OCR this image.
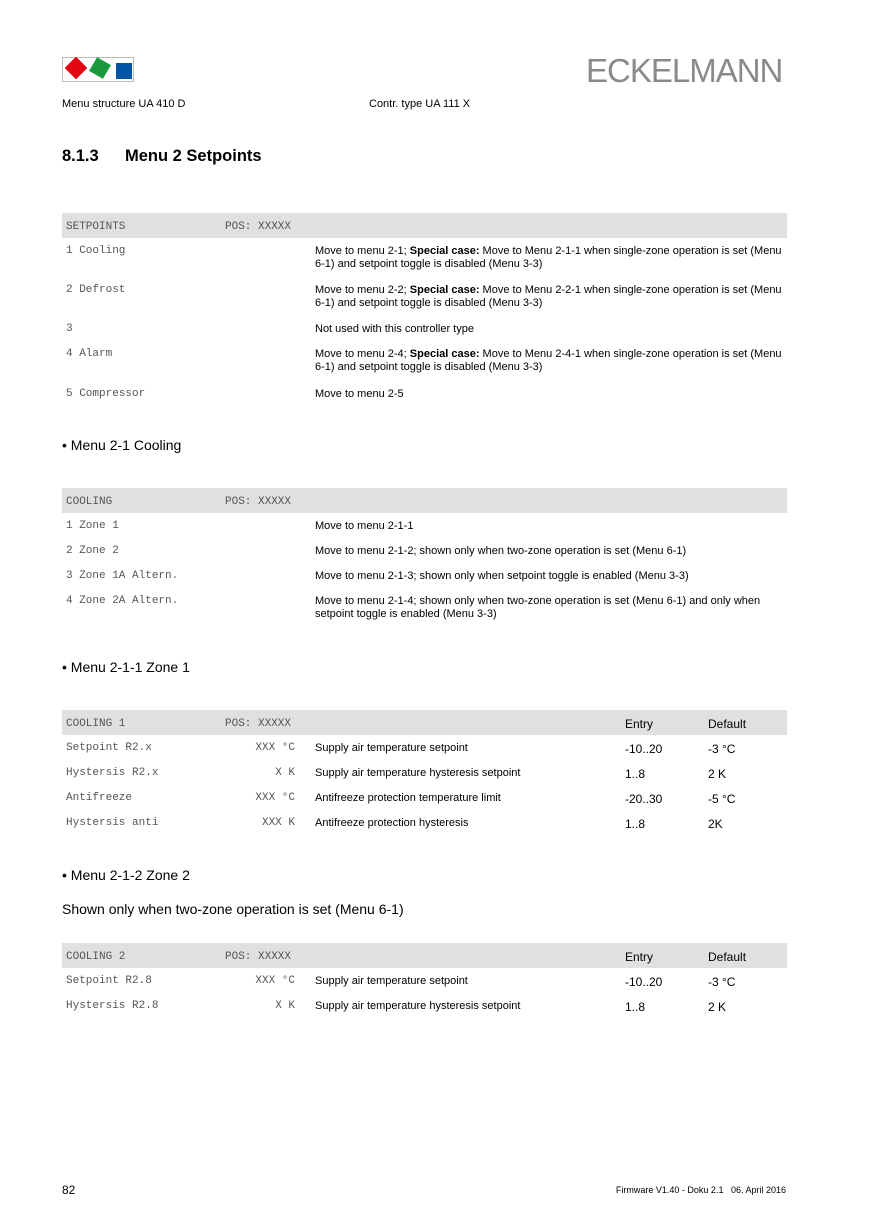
ECKELMANN
Menu structure UA 410 D	Contr. type UA 111 X
8.1.3 Menu 2 Setpoints
SETPOINTS	POS: XXXXX
1 Cooling	Move to menu 2-1; Special case: Move to Menu 2-1-1 when single-zone operation is set (Menu 6-1) and setpoint toggle is disabled (Menu 3-3)
2 Defrost	Move to menu 2-2; Special case: Move to Menu 2-2-1 when single-zone operation is set (Menu 6-1) and setpoint toggle is disabled (Menu 3-3)
3	Not used with this controller type
4 Alarm	Move to menu 2-4; Special case: Move to Menu 2-4-1 when single-zone operation is set (Menu 6-1) and setpoint toggle is disabled (Menu 3-3)
5 Compressor	Move to menu 2-5
• Menu 2-1 Cooling
COOLING	POS: XXXXX
1 Zone 1	Move to menu 2-1-1
2 Zone 2	Move to menu 2-1-2; shown only when two-zone operation is set (Menu 6-1)
3 Zone 1A Altern.	Move to menu 2-1-3; shown only when setpoint toggle is enabled (Menu 3-3)
4 Zone 2A Altern.	Move to menu 2-1-4; shown only when two-zone operation is set (Menu 6-1) and only when setpoint toggle is enabled (Menu 3-3)
• Menu 2-1-1 Zone 1
COOLING 1	POS: XXXXX	Entry	Default
Setpoint R2.x	XXX °C Supply air temperature setpoint	-10..20	-3 °C
Hystersis R2.x	X K Supply air temperature hysteresis setpoint	1..8	2 K
Antifreeze	XXX °C Antifreeze protection temperature limit	-20..30	-5 °C
Hystersis anti	XXX K Antifreeze protection hysteresis	1..8	2K
• Menu 2-1-2 Zone 2
Shown only when two-zone operation is set (Menu 6-1)
COOLING 2	POS: XXXXX	Entry	Default
Setpoint R2.8	XXX °C Supply air temperature setpoint	-10..20	-3 °C
Hystersis R2.8	X K Supply air temperature hysteresis setpoint	1..8	2 K
82	Firmware V1.40 - Doku 2.1   06. April 2016
